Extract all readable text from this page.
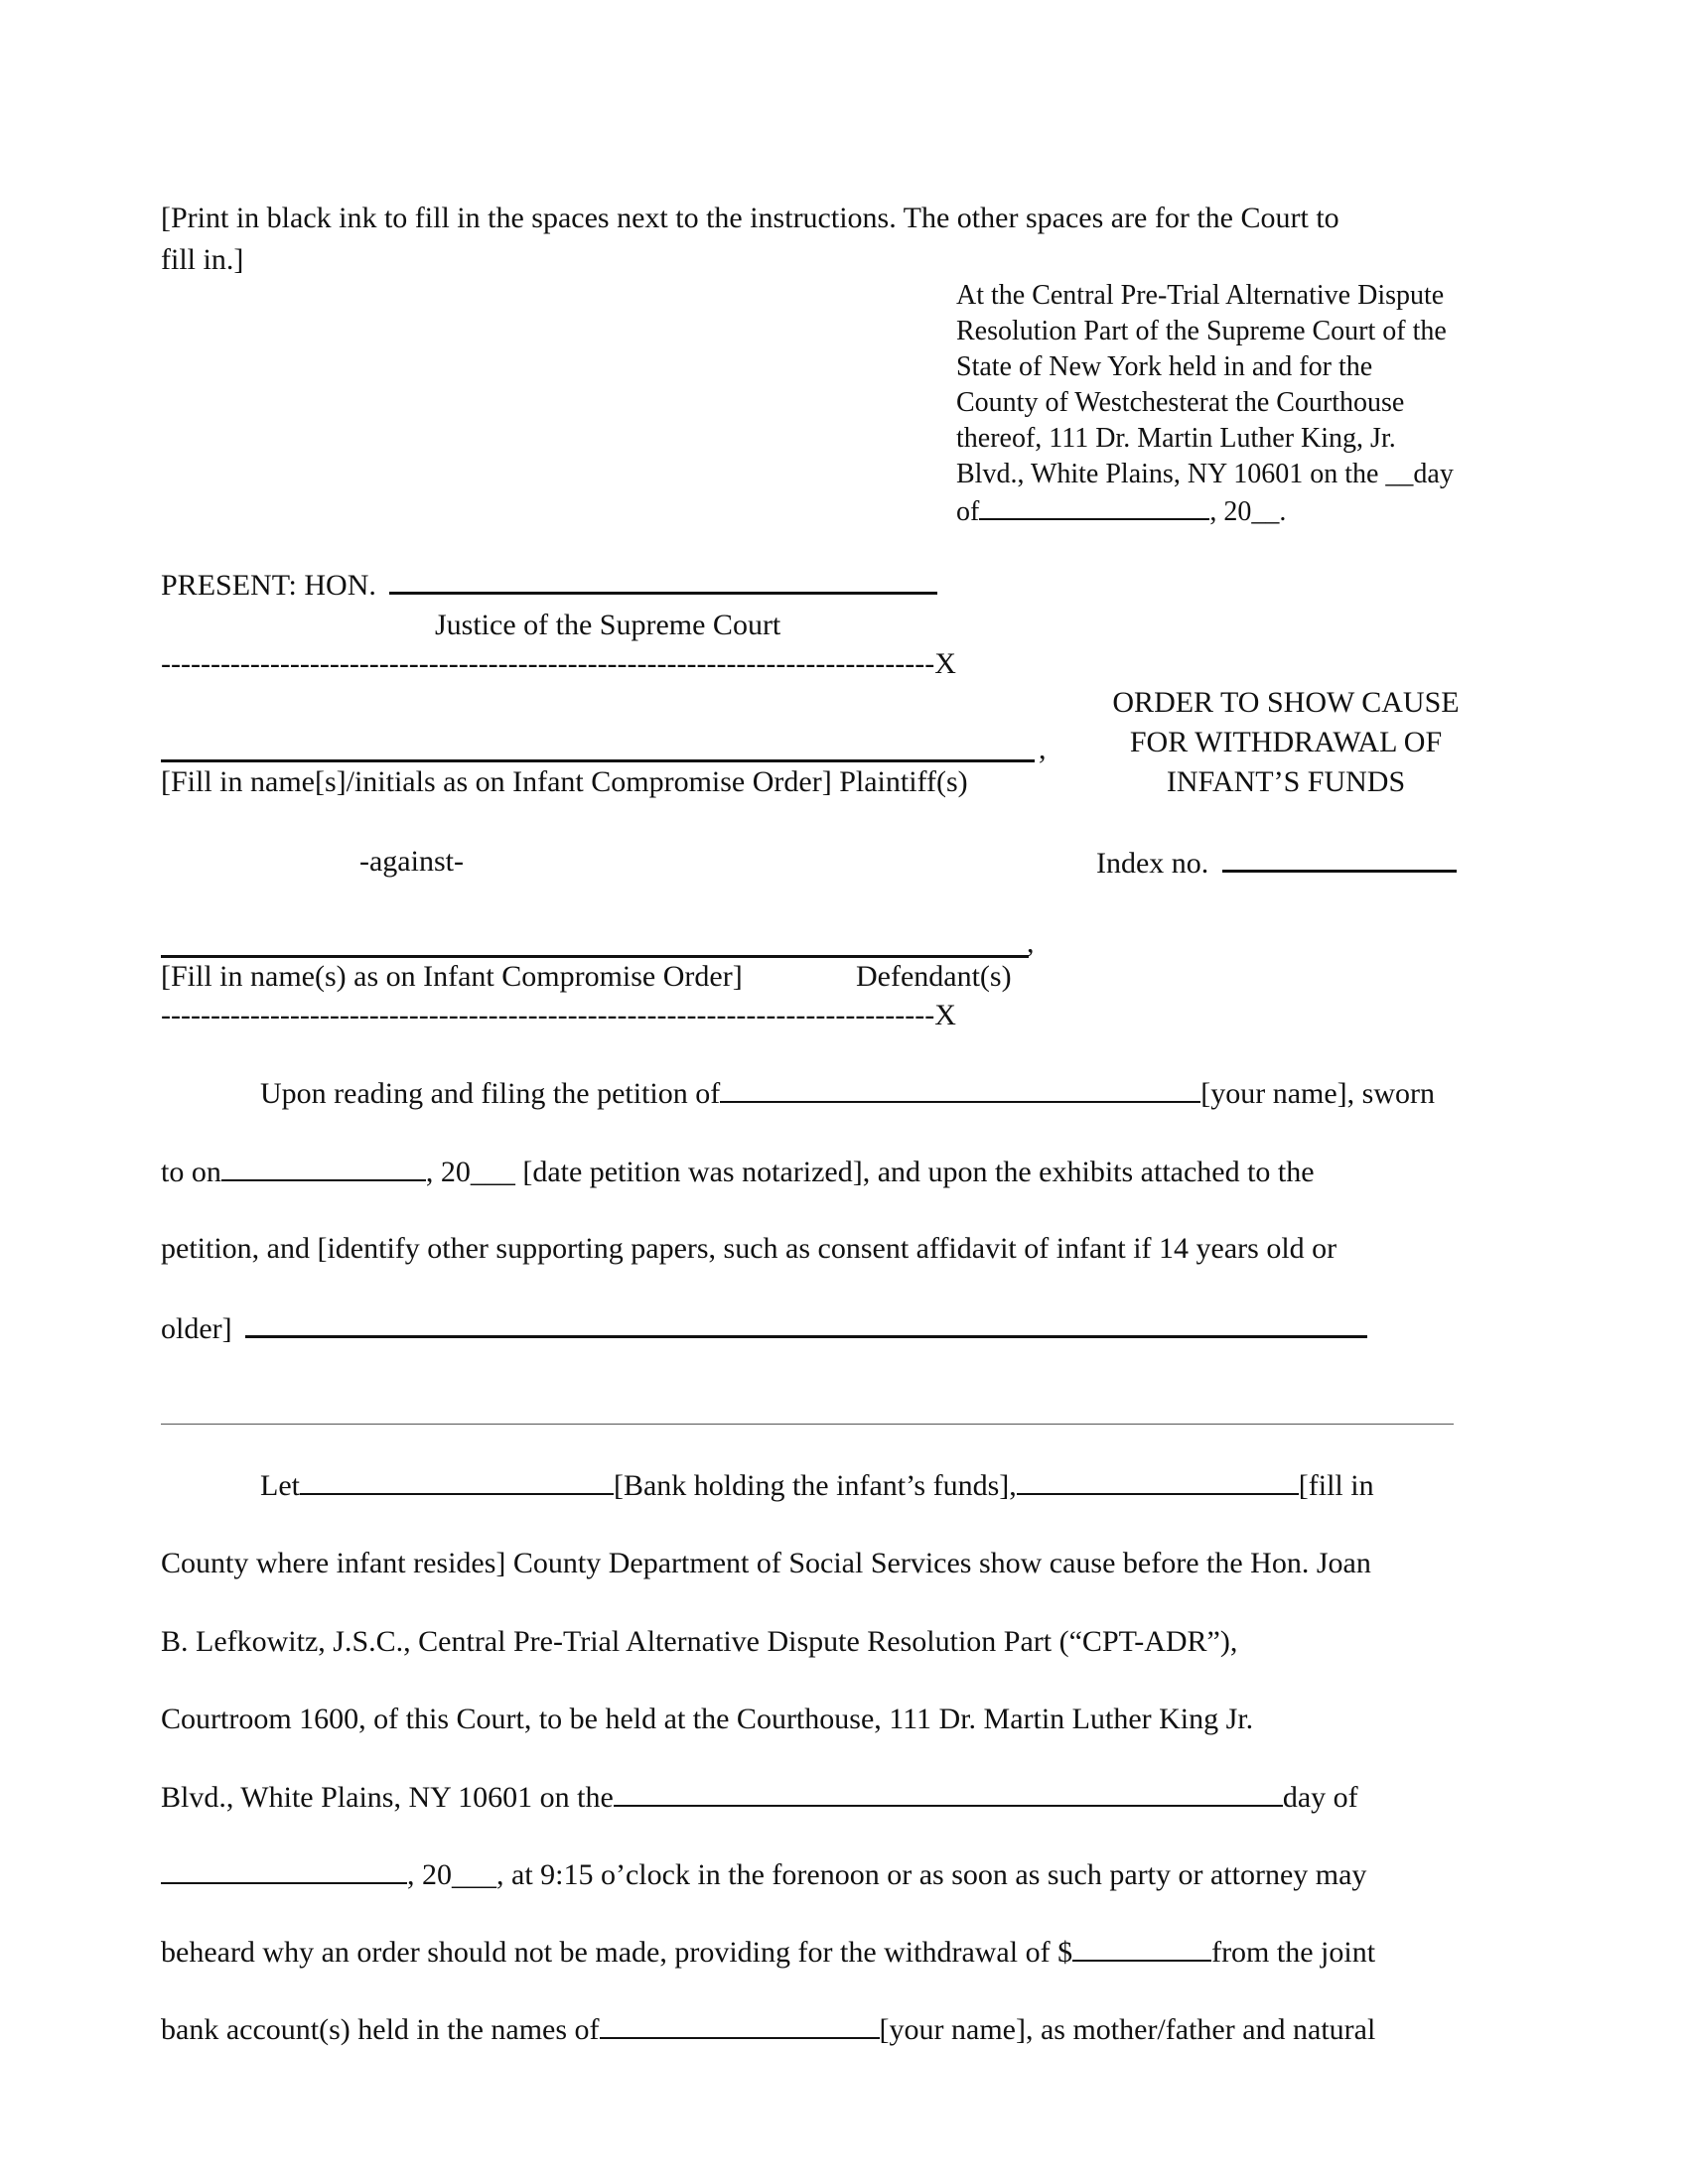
[Print in black ink to fill in the spaces next to the instructions. The other spaces are for the Court to
fill in.]
At the Central Pre-Trial Alternative Dispute
Resolution Part of the Supreme Court of the
State of New York held in and for the
County of Westchesterat the Courthouse
thereof, 111 Dr. Martin Luther King, Jr.
Blvd., White Plains, NY 10601 on the __day
of	, 20__.
PRESENT: HON.
Justice of the Supreme Court
------------------------------------------------------------------------------X
,
[Fill in name[s]/initials as on Infant Compromise Order] Plaintiff(s)
ORDER TO SHOW CAUSE
FOR WITHDRAWAL OF
INFANT’S FUNDS
-against-	Index no.
,
[Fill in name(s) as on Infant Compromise Order]	Defendant(s)
------------------------------------------------------------------------------X
Upon reading and filing the petition of	[your name], sworn
to on	, 20___ [date petition was notarized], and upon the exhibits attached to the
petition, and [identify other supporting papers, such as consent affidavit of infant if 14 years old or
older]
Let	[Bank holding the infant’s funds],	[fill in
County where infant resides] County Department of Social Services show cause before the Hon. Joan
B. Lefkowitz, J.S.C., Central Pre-Trial Alternative Dispute Resolution Part (“CPT-ADR”),
Courtroom 1600, of this Court, to be held at the Courthouse, 111 Dr. Martin Luther King Jr.
Blvd., White Plains, NY 10601 on the	day of
, 20___, at 9:15 o’clock in the forenoon or as soon as such party or attorney may
beheard why an order should not be made, providing for the withdrawal of $	from the joint
bank account(s) held in the names of	[your name], as mother/father and natural
